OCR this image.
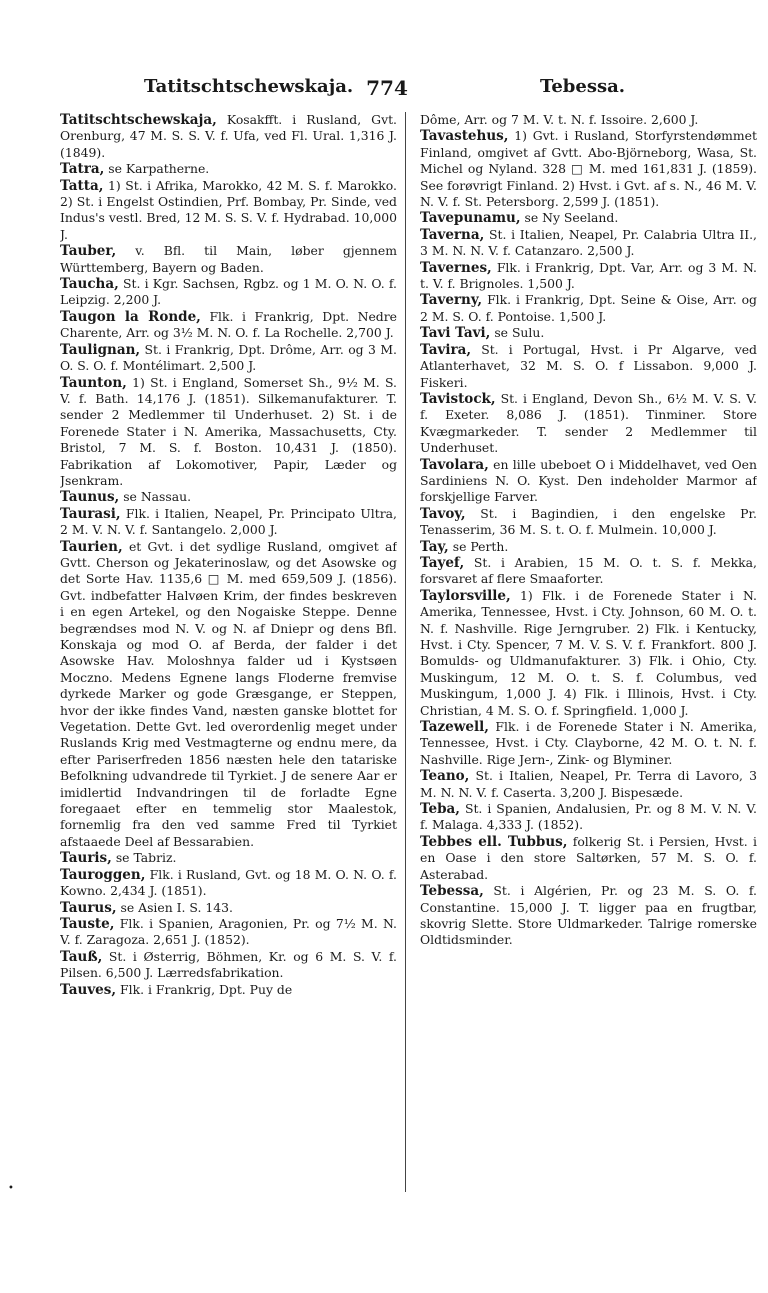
Tatitschtschewskaja. 774	Tebessa.

Tatitschtschewskaja, Kosakfft. i Rusland, Gvt. Orenburg, 47 M. S. S. V. f. Ufa, ved Fl. Ural. 1,316 J. (1849).

Tatra, se Karpatherne.

Tatta, 1) St. i Afrika, Marokko, 42 M. S. f. Marokko. 2) St. i Engelst Ostindien, Prf. Bombay, Pr. Sinde, ved Indus's vestl. Bred, 12 M. S. S. V. f. Hydrabad. 10,000 J.

Tauber, v. Bfl. til Main, løber gjennem Württemberg, Bayern og Baden.

Taucha, St. i Kgr. Sachsen, Rgbz. og 1 M. O. N. O. f. Leipzig. 2,200 J.

Taugon la Ronde, Flk. i Frankrig, Dpt. Nedre Charente, Arr. og 3½ M. N. O. f. La Rochelle. 2,700 J.

Taulignan, St. i Frankrig, Dpt. Drôme, Arr. og 3 M. O. S. O. f. Montélimart. 2,500 J.

Taunton, 1) St. i England, Somerset Sh., 9½ M. S. V. f. Bath. 14,176 J. (1851). Silkemanufakturer. T. sender 2 Medlemmer til Underhuset. 2) St. i de Forenede Stater i N. Amerika, Massachusetts, Cty. Bristol, 7 M. S. f. Boston. 10,431 J. (1850). Fabrikation af Lokomotiver, Papir, Læder og Jsenkram.

Taunus, se Nassau.

Taurasi, Flk. i Italien, Neapel, Pr. Principato Ultra, 2 M. V. N. V. f. Santangelo. 2,000 J.

Taurien, et Gvt. i det sydlige Rusland, omgivet af Gvtt. Cherson og Jekaterinoslaw, og det Asowske og det Sorte Hav. 1135,6 □ M. med 659,509 J. (1856). Gvt. indbefatter Halvøen Krim, der findes beskreven i en egen Artekel, og den Nogaiske Steppe. Denne begrændses mod N. V. og N. af Dniepr og dens Bfl. Konskaja og mod O. af Berda, der falder i det Asowske Hav. Moloshnya falder ud i Kystsøen Moczno. Medens Egnene langs Floderne fremvise dyrkede Marker og gode Græsgange, er Steppen, hvor der ikke findes Vand, næsten ganske blottet for Vegetation. Dette Gvt. led overordenlig meget under Ruslands Krig med Vestmagterne og endnu mere, da efter Pariserfreden 1856 næsten hele den tatariske Befolkning udvandrede til Tyrkiet. J de senere Aar er imidlertid Indvandringen til de forladte Egne foregaaet efter en temmelig stor Maalestok, fornemlig fra den ved samme Fred til Tyrkiet afstaaede Deel af Bessarabien.

Tauris, se Tabriz.

Tauroggen, Flk. i Rusland, Gvt. og 18 M. O. N. O. f. Kowno. 2,434 J. (1851).

Taurus, se Asien I. S. 143.

Tauste, Flk. i Spanien, Aragonien, Pr. og 7½ M. N. V. f. Zaragoza. 2,651 J. (1852).

Tauß, St. i Østerrig, Böhmen, Kr. og 6 M. S. V. f. Pilsen. 6,500 J. Lærredsfabrikation.

Tauves, Flk. i Frankrig, Dpt. Puy de

Dôme, Arr. og 7 M. V. t. N. f. Issoire. 2,600 J.

Tavastehus, 1) Gvt. i Rusland, Storfyrstendømmet Finland, omgivet af Gvtt. Abo-Björneborg, Wasa, St. Michel og Nyland. 328 □ M. med 161,831 J. (1859). See forøvrigt Finland. 2) Hvst. i Gvt. af s. N., 46 M. V. N. V. f. St. Petersborg. 2,599 J. (1851).

Tavepunamu, se Ny Seeland.

Taverna, St. i Italien, Neapel, Pr. Calabria Ultra II., 3 M. N. N. V. f. Catanzaro. 2,500 J.

Tavernes, Flk. i Frankrig, Dpt. Var, Arr. og 3 M. N. t. V. f. Brignoles. 1,500 J.

Taverny, Flk. i Frankrig, Dpt. Seine & Oise, Arr. og 2 M. S. O. f. Pontoise. 1,500 J.

Tavi Tavi, se Sulu.

Tavira, St. i Portugal, Hvst. i Pr Algarve, ved Atlanterhavet, 32 M. S. O. f Lissabon. 9,000 J. Fiskeri.

Tavistock, St. i England, Devon Sh., 6½ M. V. S. V. f. Exeter. 8,086 J. (1851). Tinminer. Store Kvægmarkeder. T. sender 2 Medlemmer til Underhuset.

Tavolara, en lille ubeboet O i Middelhavet, ved Oen Sardiniens N. O. Kyst. Den indeholder Marmor af forskjellige Farver.

Tavoy, St. i Bagindien, i den engelske Pr. Tenasserim, 36 M. S. t. O. f. Mulmein. 10,000 J.

Tay, se Perth.

Tayef, St. i Arabien, 15 M. O. t. S. f. Mekka, forsvaret af flere Smaaforter.

Taylorsville, 1) Flk. i de Forenede Stater i N. Amerika, Tennessee, Hvst. i Cty. Johnson, 60 M. O. t. N. f. Nashville. Rige Jerngruber. 2) Flk. i Kentucky, Hvst. i Cty. Spencer, 7 M. V. S. V. f. Frankfort. 800 J. Bomulds- og Uldmanufakturer. 3) Flk. i Ohio, Cty. Muskingum, 12 M. O. t. S. f. Columbus, ved Muskingum, 1,000 J. 4) Flk. i Illinois, Hvst. i Cty. Christian, 4 M. S. O. f. Springfield. 1,000 J.

Tazewell, Flk. i de Forenede Stater i N. Amerika, Tennessee, Hvst. i Cty. Clayborne, 42 M. O. t. N. f. Nashville. Rige Jern-, Zink- og Blyminer.

Teano, St. i Italien, Neapel, Pr. Terra di Lavoro, 3 M. N. N. V. f. Caserta. 3,200 J. Bispesæde.

Teba, St. i Spanien, Andalusien, Pr. og 8 M. V. N. V. f. Malaga. 4,333 J. (1852).

Tebbes ell. Tubbus, folkerig St. i Persien, Hvst. i en Oase i den store Saltørken, 57 M. S. O. f. Asterabad.

Tebessa, St. i Algérien, Pr. og 23 M. S. O. f. Constantine. 15,000 J. T. ligger paa en frugtbar, skovrig Slette. Store Uldmarkeder. Talrige romerske Oldtidsminder.

•
